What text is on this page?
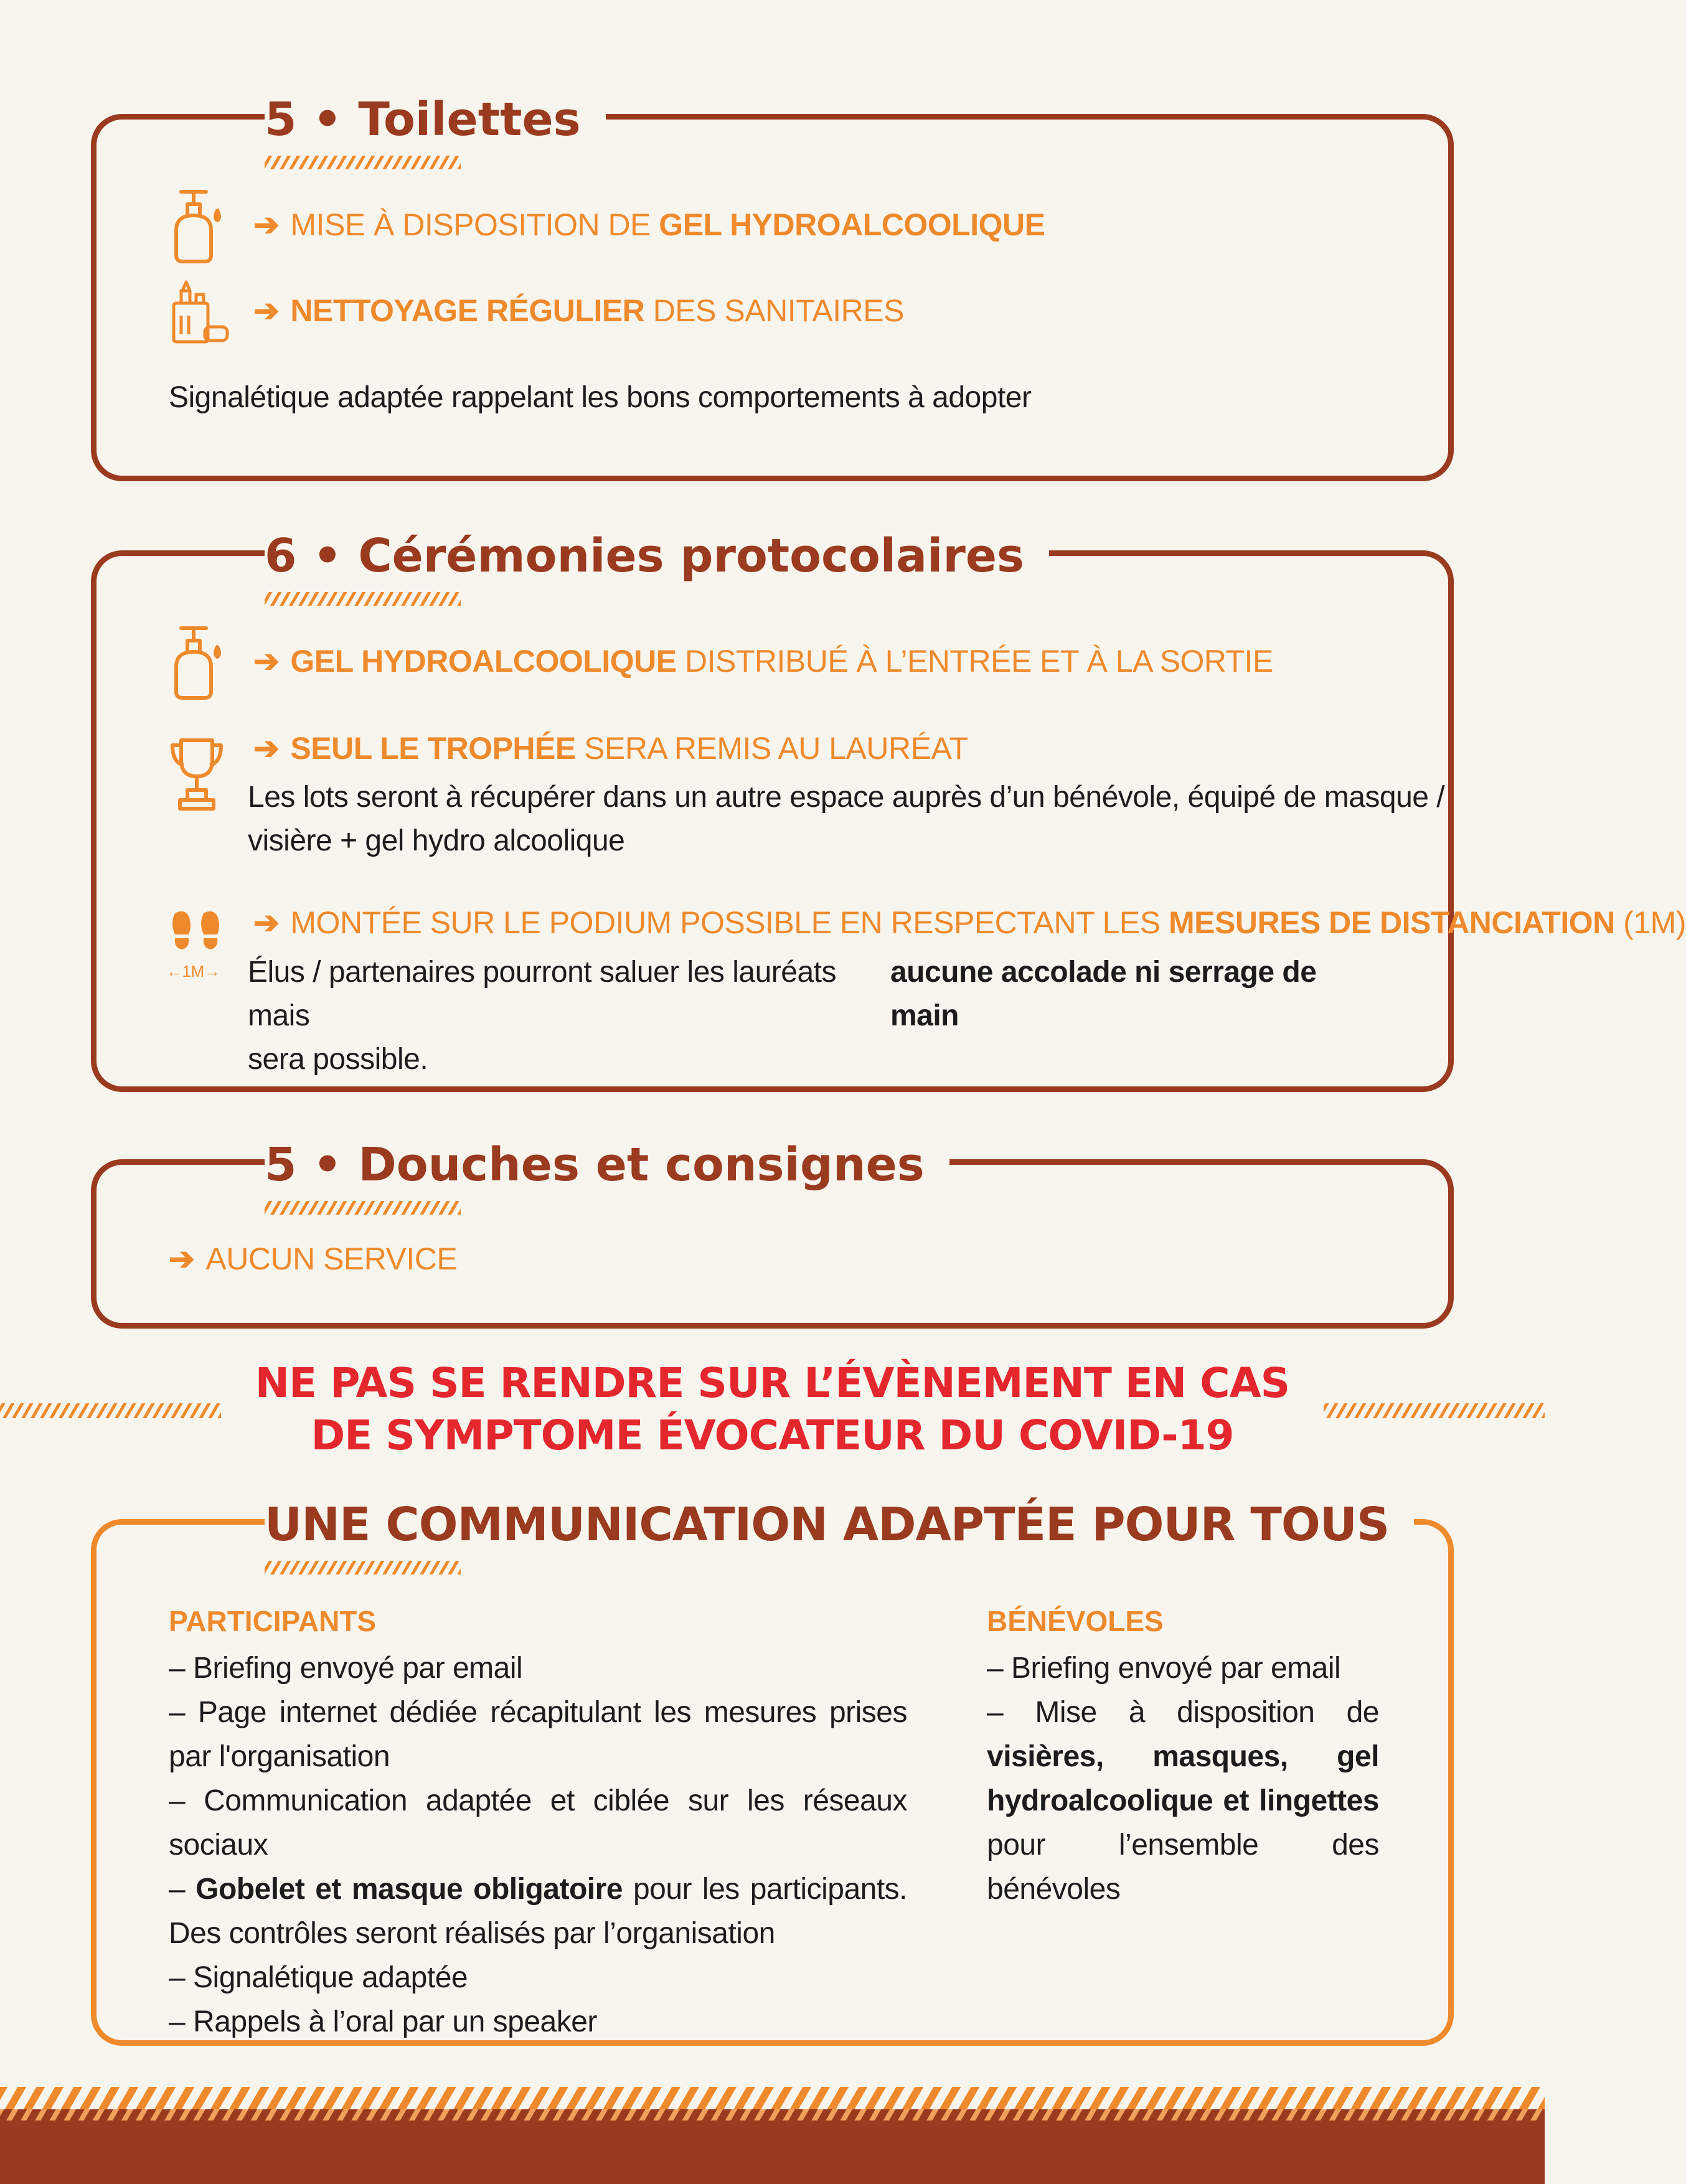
5 • Toilettes
➔ MISE À DISPOSITION DE GEL HYDROALCOOLIQUE
➔ NETTOYAGE RÉGULIER DES SANITAIRES
Signalétique adaptée rappelant les bons comportements à adopter
6 • Cérémonies protocolaires
➔ GEL HYDROALCOOLIQUE DISTRIBUÉ À L’ENTRÉE ET À LA SORTIE
➔ SEUL LE TROPHÉE SERA REMIS AU LAURÉAT
Les lots seront à récupérer dans un autre espace auprès d’un bénévole, équipé de masque /
visière + gel hydro alcoolique
←1M→
➔ MONTÉE SUR LE PODIUM POSSIBLE EN RESPECTANT LES MESURES DE DISTANCIATION (1M)
Élus / partenaires pourront saluer les lauréats mais
aucune accolade ni serrage de main
sera possible.
5 • Douches et consignes
➔ AUCUN SERVICE
NE PAS SE RENDRE SUR L’ÉVÈNEMENT EN CAS
DE SYMPTOME ÉVOCATEUR DU COVID-19
UNE COMMUNICATION ADAPTÉE POUR TOUS
PARTICIPANTS

– Briefing envoyé par email

– Page internet dédiée récapitulant les mesures prises par l'organisation

– Communication adaptée et ciblée sur les réseaux sociaux

– Gobelet et masque obligatoire pour les participants. Des contrôles seront réalisés par l’organisation

– Signalétique adaptée

– Rappels à l’oral par un speaker

BÉNÉVOLES

– Briefing envoyé par email

– Mise à disposition de visières, masques, gel hydroalcoolique et lingettes pour l’ensemble des bénévoles
